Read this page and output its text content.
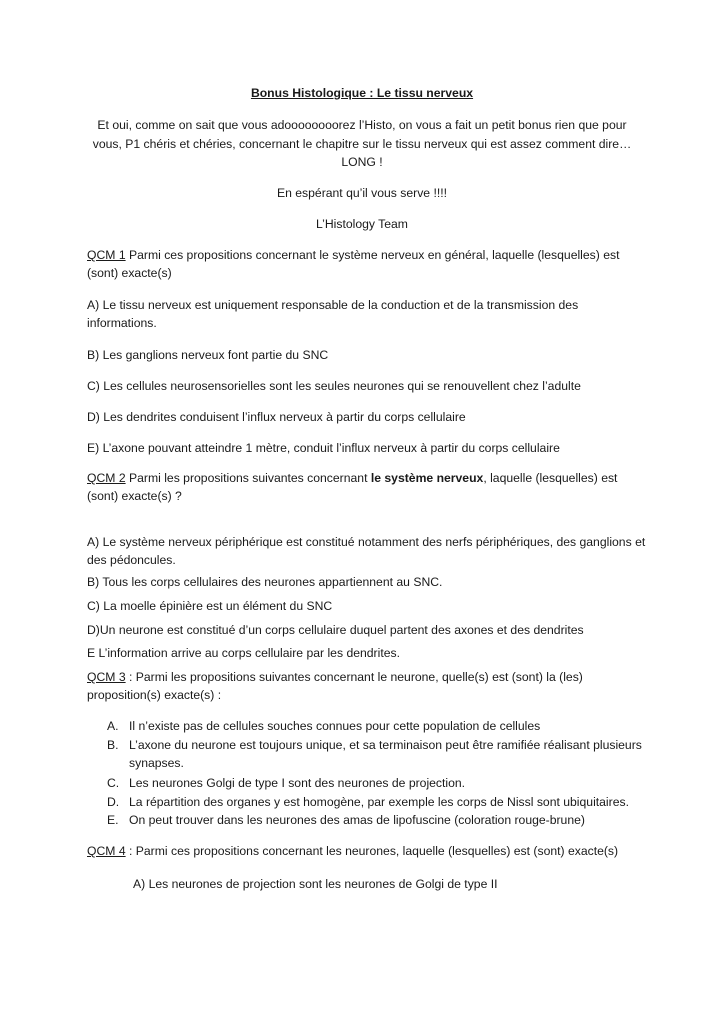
Bonus Histologique : Le tissu nerveux
Et oui, comme on sait que vous adoooooooorez l’Histo, on vous a fait un petit bonus rien que pour
vous, P1 chéris et chéries, concernant le chapitre sur le tissu nerveux qui est assez comment dire…
LONG !
En espérant qu’il vous serve !!!!
L’Histology Team

QCM 1 Parmi ces propositions concernant le système nerveux en général, laquelle (lesquelles) est (sont) exacte(s)

A) Le tissu nerveux est uniquement responsable de la conduction et de la transmission des informations.

B) Les ganglions nerveux font partie du SNC

C) Les cellules neurosensorielles sont les seules neurones qui se renouvellent chez l’adulte

D) Les dendrites conduisent l’influx nerveux à partir du corps cellulaire

E) L’axone pouvant atteindre 1 mètre, conduit l’influx nerveux à partir du corps cellulaire

QCM 2 Parmi les propositions suivantes concernant le système nerveux, laquelle (lesquelles) est (sont) exacte(s) ?

A) Le système nerveux périphérique est constitué notamment des nerfs périphériques, des ganglions et des pédoncules.

B) Tous les corps cellulaires des neurones appartiennent au SNC.

C) La moelle épinière est un élément du SNC

D)Un neurone est constitué d’un corps cellulaire duquel partent des axones et des dendrites

E L’information arrive au corps cellulaire par les dendrites.

QCM 3 : Parmi les propositions suivantes concernant le neurone, quelle(s) est (sont) la (les) proposition(s) exacte(s) :

A. Il n’existe pas de cellules souches connues pour cette population de cellules
B. L’axone du neurone est toujours unique, et sa terminaison peut être ramifiée réalisant plusieurs synapses.
C. Les neurones Golgi de type I sont des neurones de projection.
D. La répartition des organes y est homogène, par exemple les corps de Nissl sont ubiquitaires.
E. On peut trouver dans les neurones des amas de lipofuscine (coloration rouge-brune)

QCM 4 : Parmi ces propositions concernant les neurones, laquelle (lesquelles) est (sont) exacte(s)

A) Les neurones de projection sont les neurones de Golgi de type II
